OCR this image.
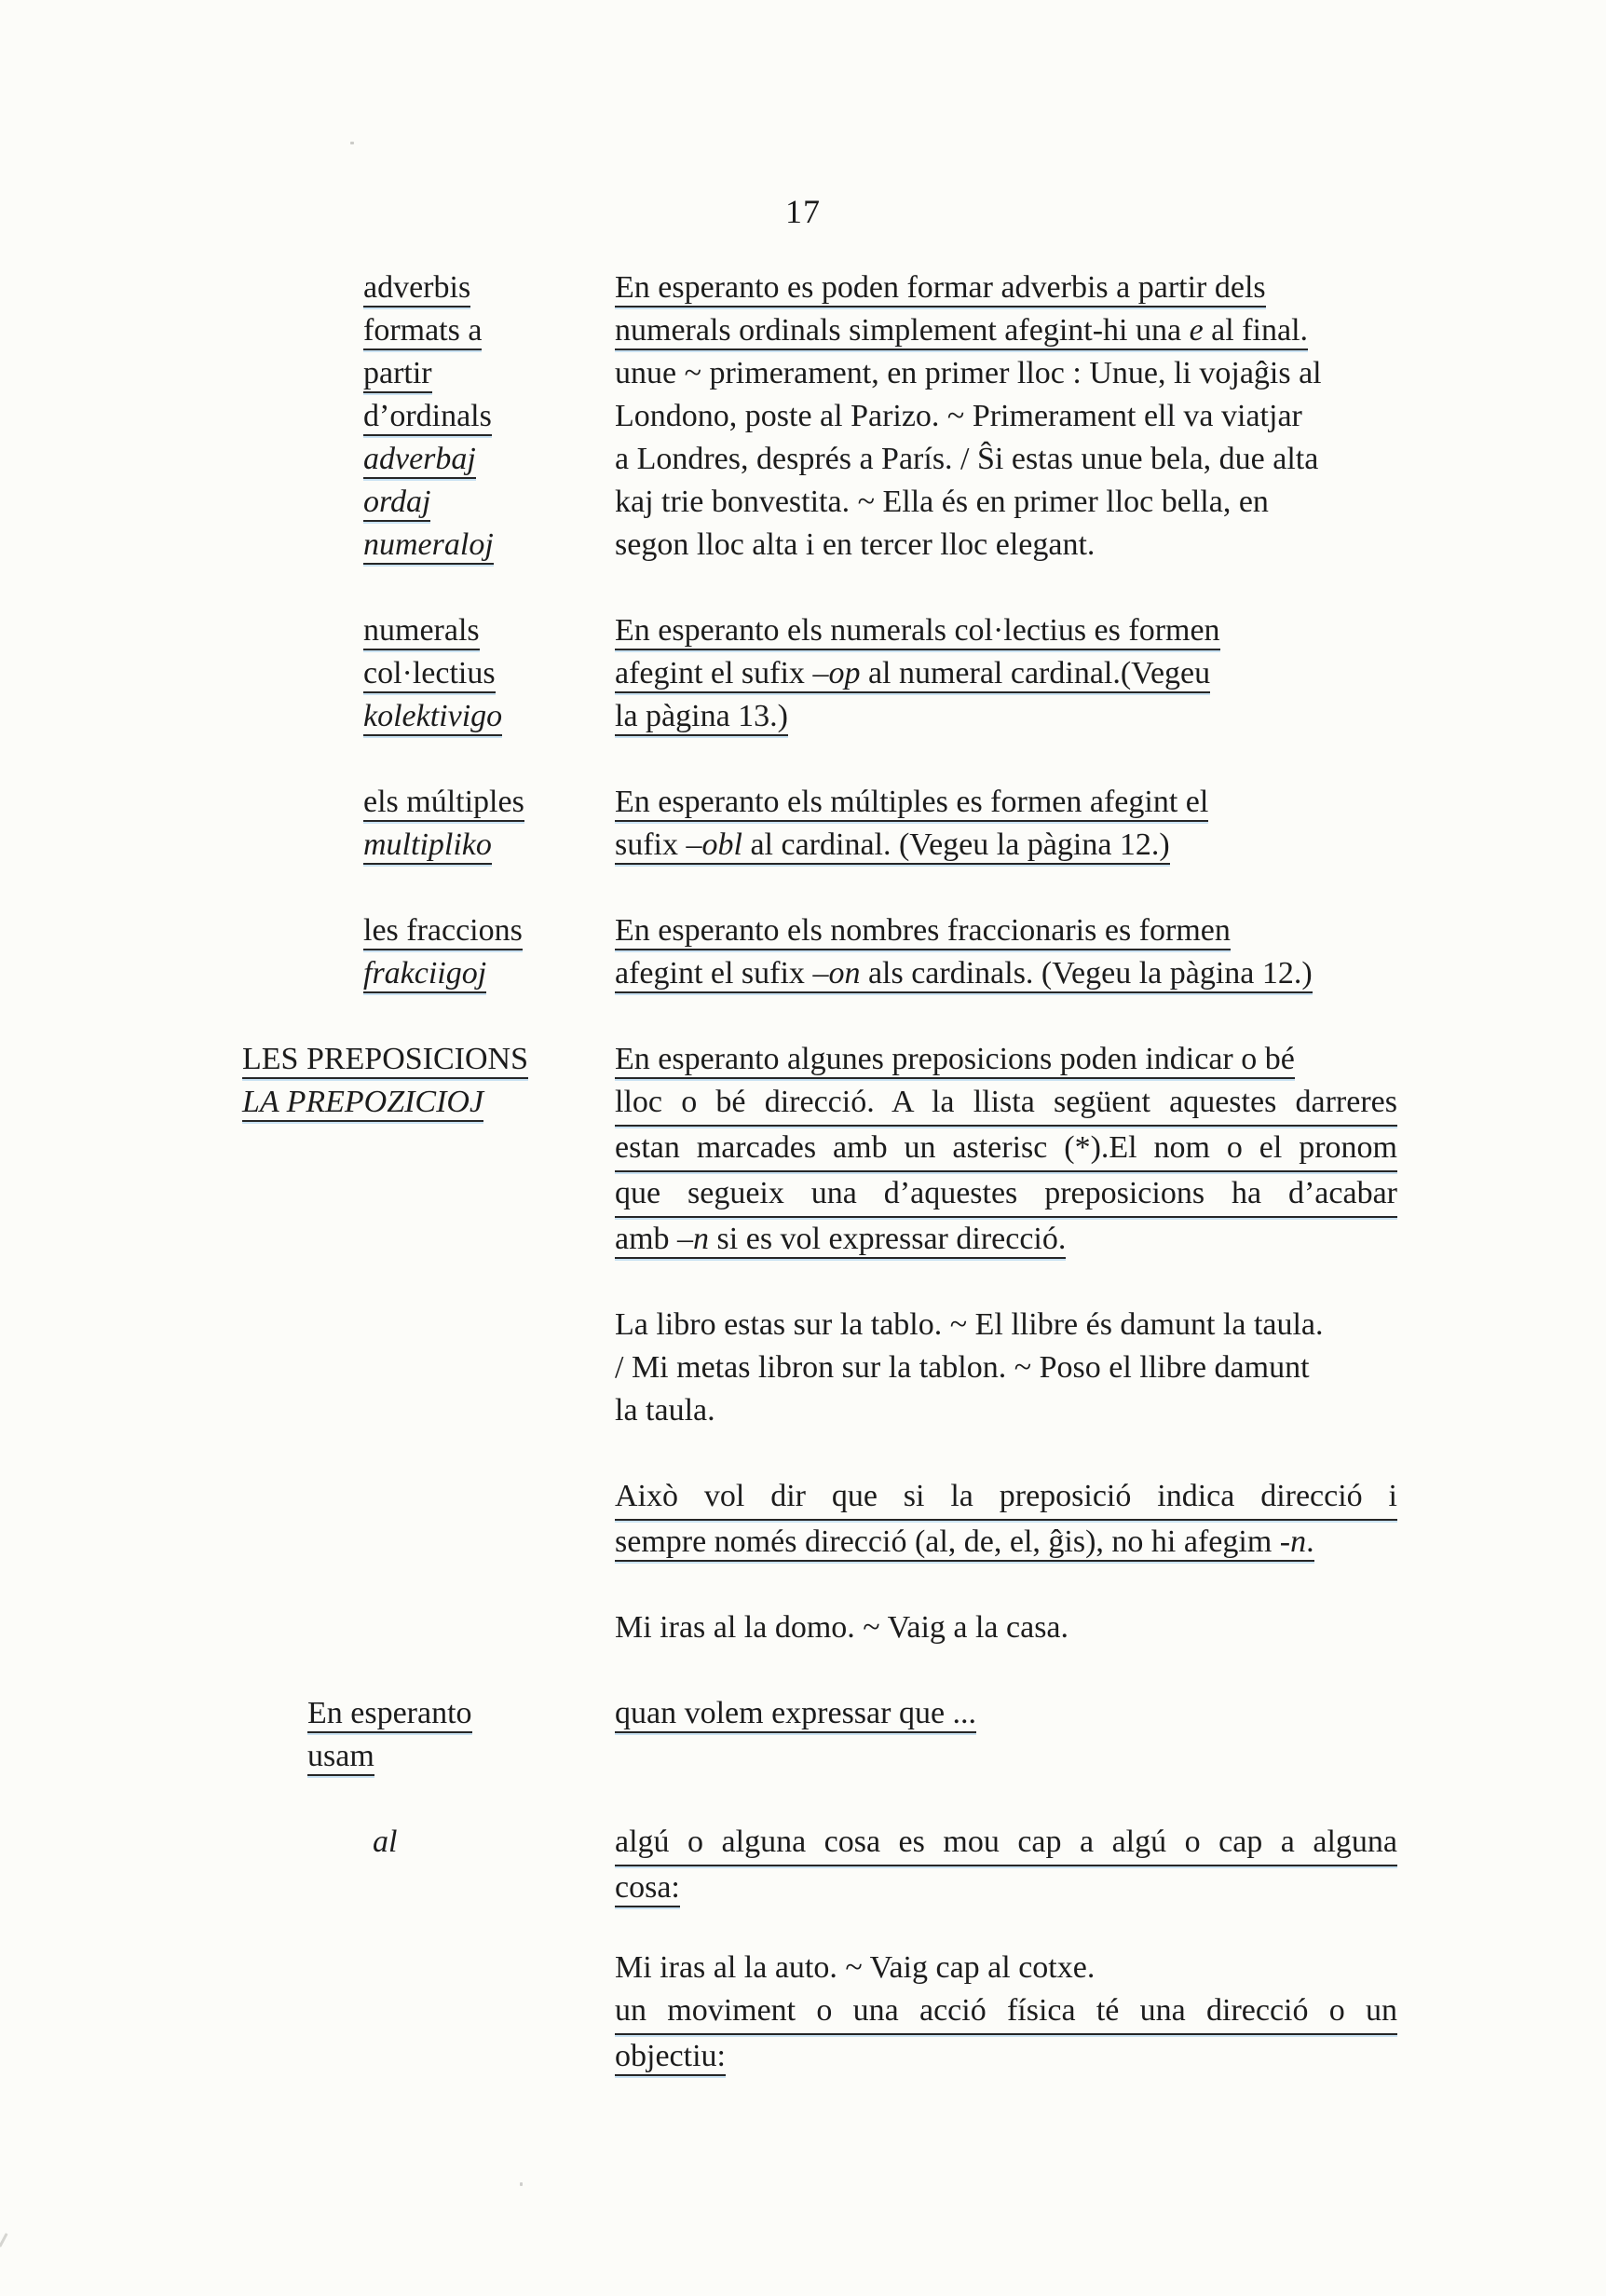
17
adverbis
formats a
partir
d’ordinals
adverbaj
ordaj
numeraloj
En esperanto es poden formar adverbis a partir dels
numerals ordinals simplement afegint-hi una e al final.
unue ~ primerament, en primer lloc : Unue, li vojaĝis al
Londono, poste al Parizo. ~ Primerament ell va viatjar
a Londres, després a París. / Ŝi estas unue bela, due alta
kaj trie bonvestita. ~ Ella és en primer lloc bella, en
segon lloc alta i en tercer lloc elegant.
numerals
col·lectius
kolektivigo
En esperanto els numerals col·lectius es formen
afegint el sufix –op al numeral cardinal.(Vegeu
la pàgina 13.)
els múltiples
multipliko
En esperanto els múltiples es formen afegint el
sufix –obl al cardinal. (Vegeu la pàgina 12.)
les fraccions
frakciigoj
En esperanto els nombres fraccionaris es formen
afegint el sufix –on als cardinals. (Vegeu la pàgina 12.)
LES PREPOSICIONS
LA PREPOZICIOJ
En esperanto algunes preposicions poden indicar o bé
lloc o bé direcció. A la llista següent aquestes darreres
estan marcades amb un asterisc (*).El nom o el pronom
que segueix una d’aquestes preposicions ha d’acabar
amb –n si es vol expressar direcció.
La libro estas sur la tablo. ~ El llibre és damunt la taula.
/ Mi metas libron sur la tablon. ~ Poso el llibre damunt
la taula.
Això vol dir que si la preposició indica direcció i
sempre només direcció (al, de, el, ĝis), no hi afegim -n.
Mi iras al la domo. ~ Vaig a la casa.
En esperanto
usam
quan volem expressar que ...
al	algú o alguna cosa es mou cap a algú o cap a alguna
cosa:
Mi iras al la auto. ~ Vaig cap al cotxe.
un moviment o una acció física té una direcció o un
objectiu:
